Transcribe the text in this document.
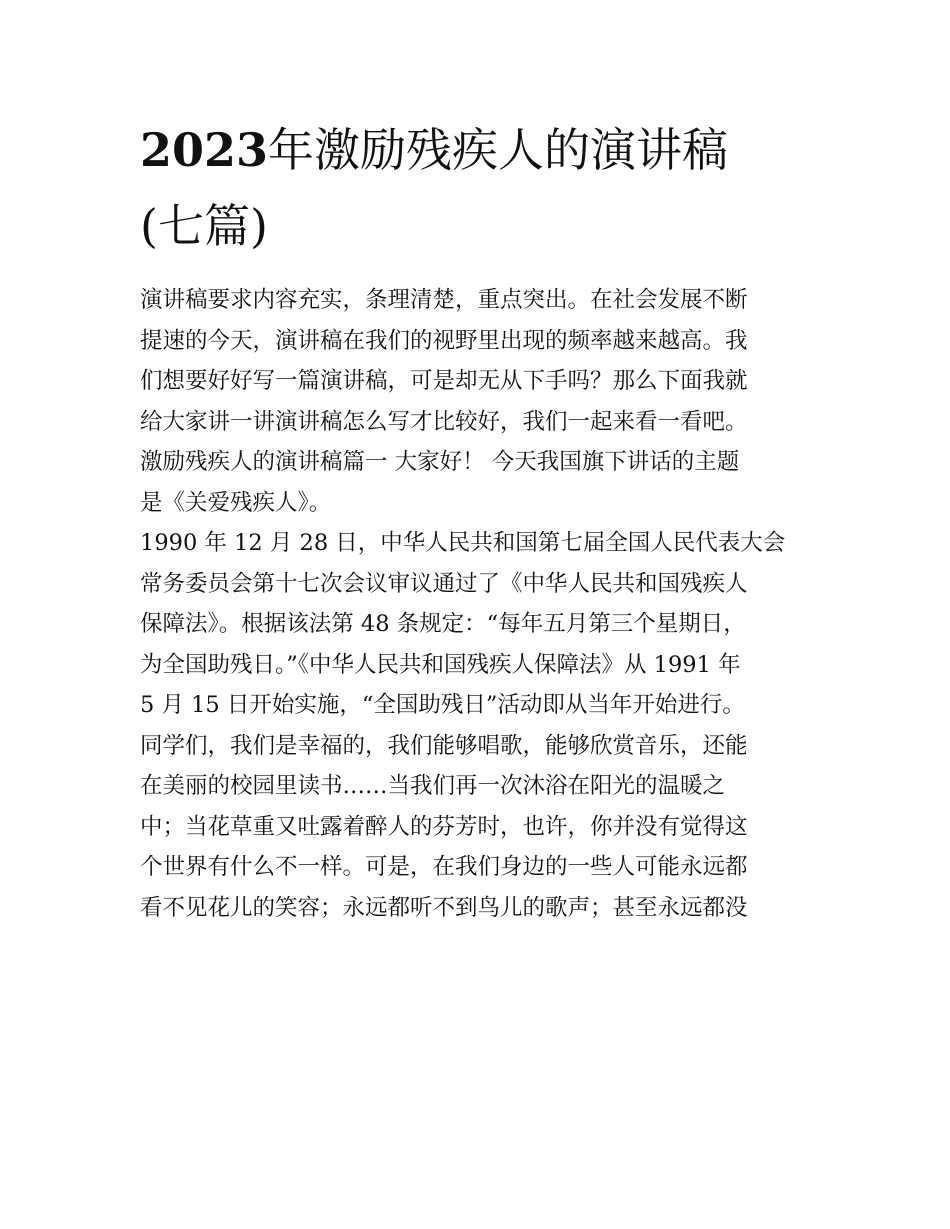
2023年激励残疾人的演讲稿
(七篇)
演讲稿要求内容充实，条理清楚，重点突出。在社会发展不断
提速的今天，演讲稿在我们的视野里出现的频率越来越高。我
们想要好好写一篇演讲稿，可是却无从下手吗？那么下面我就
给大家讲一讲演讲稿怎么写才比较好，我们一起来看一看吧。
激励残疾人的演讲稿篇一 大家好！ 今天我国旗下讲话的主题
是《关爱残疾人》。
1990 年 12 月 28 日，中华人民共和国第七届全国人民代表大会
常务委员会第十七次会议审议通过了《中华人民共和国残疾人
保障法》。根据该法第 48 条规定：“每年五月第三个星期日，
为全国助残日。”《中华人民共和国残疾人保障法》从 1991 年
5 月 15 日开始实施，“全国助残日”活动即从当年开始进行。
同学们，我们是幸福的，我们能够唱歌，能够欣赏音乐，还能
在美丽的校园里读书……当我们再一次沐浴在阳光的温暖之
中；当花草重又吐露着醉人的芬芳时，也许，你并没有觉得这
个世界有什么不一样。可是，在我们身边的一些人可能永远都
看不见花儿的笑容；永远都听不到鸟儿的歌声；甚至永远都没
